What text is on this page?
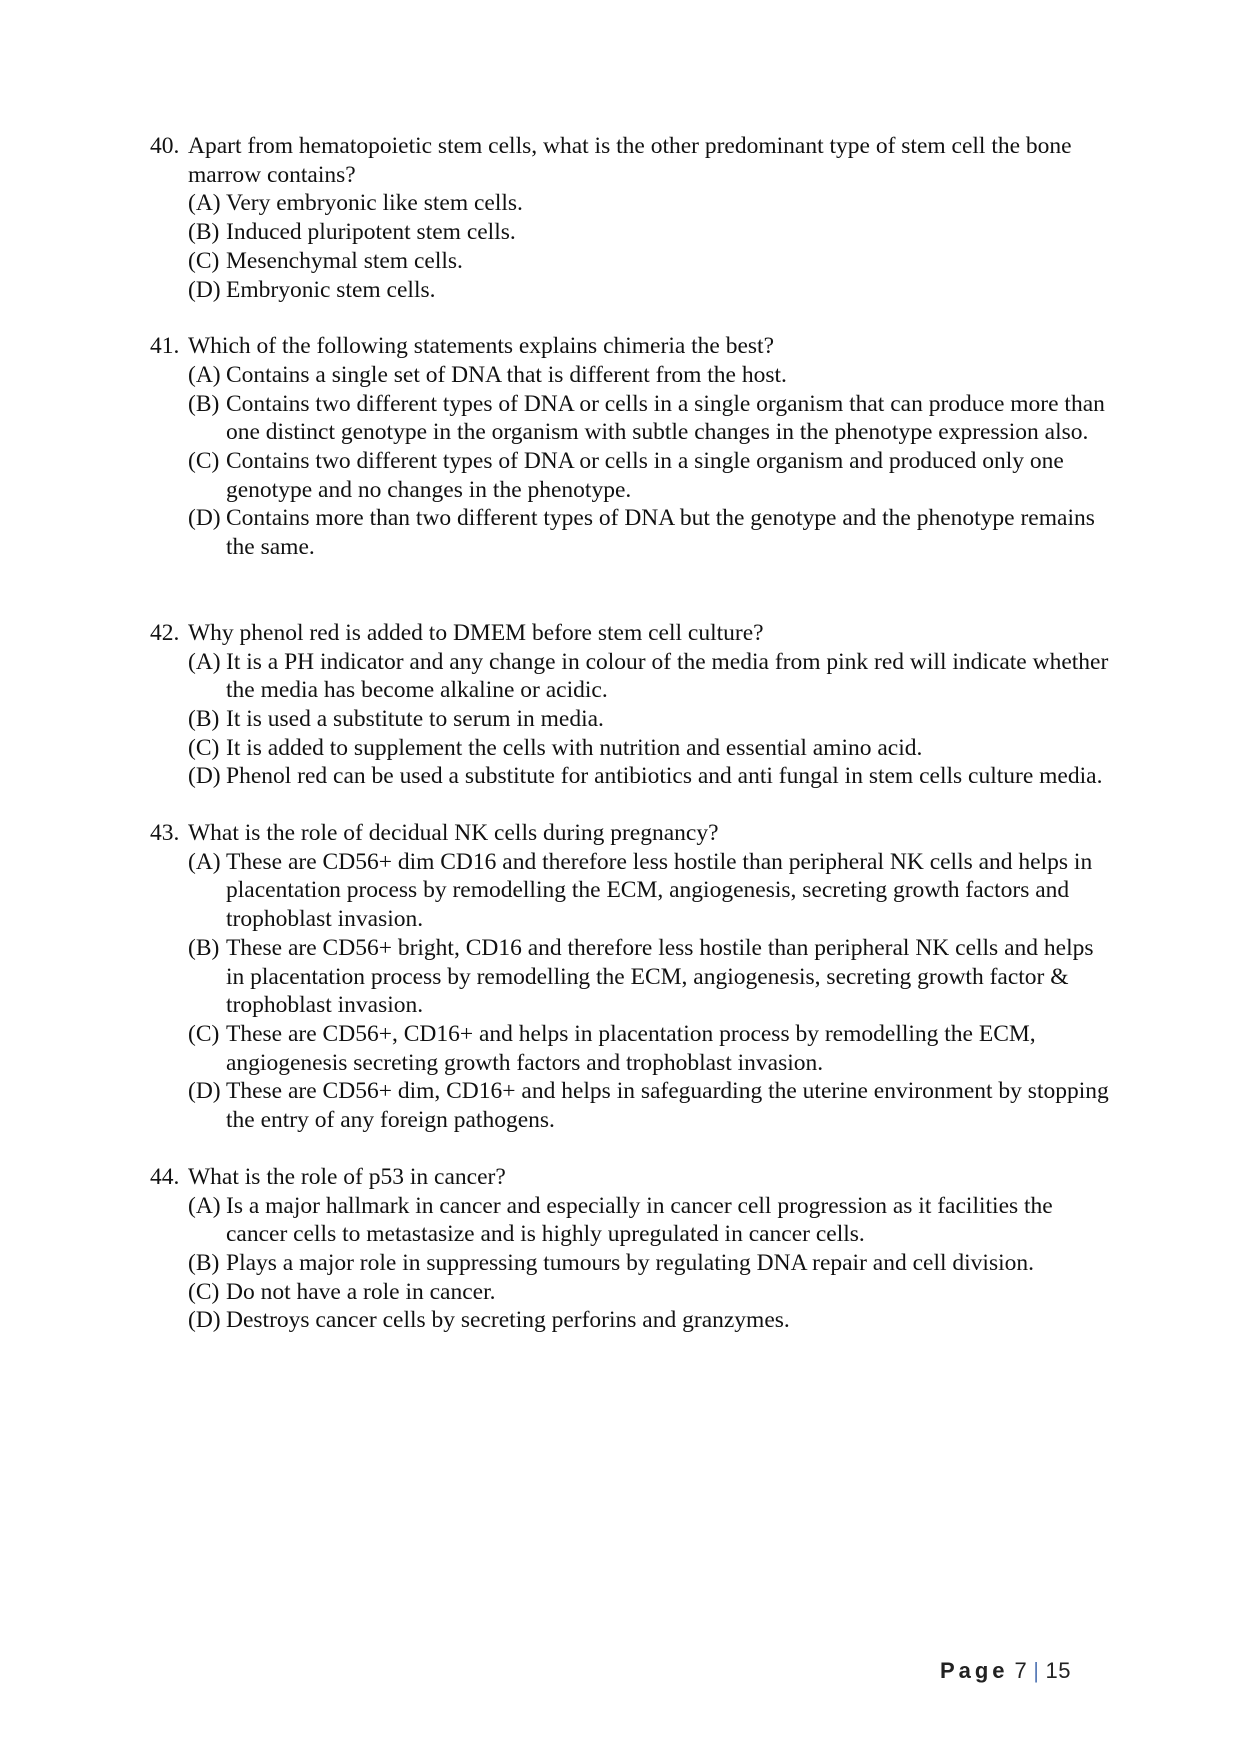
40. Apart from hematopoietic stem cells, what is the other predominant type of stem cell the bone marrow contains?
(A) Very embryonic like stem cells.
(B) Induced pluripotent stem cells.
(C) Mesenchymal stem cells.
(D) Embryonic stem cells.
41. Which of the following statements explains chimeria the best?
(A) Contains a single set of DNA that is different from the host.
(B) Contains two different types of DNA or cells in a single organism that can produce more than one distinct genotype in the organism with subtle changes in the phenotype expression also.
(C) Contains two different types of DNA or cells in a single organism and produced only one genotype and no changes in the phenotype.
(D) Contains more than two different types of DNA but the genotype and the phenotype remains the same.
42. Why phenol red is added to DMEM before stem cell culture?
(A) It is a PH indicator and any change in colour of the media from pink red will indicate whether the media has become alkaline or acidic.
(B) It is used a substitute to serum in media.
(C) It is added to supplement the cells with nutrition and essential amino acid.
(D) Phenol red can be used a substitute for antibiotics and anti fungal in stem cells culture media.
43. What is the role of decidual NK cells during pregnancy?
(A) These are CD56+ dim CD16 and therefore less hostile than peripheral NK cells and helps in placentation process by remodelling the ECM, angiogenesis, secreting growth factors and trophoblast invasion.
(B) These are CD56+ bright, CD16 and therefore less hostile than peripheral NK cells and helps in placentation process by remodelling the ECM, angiogenesis, secreting growth factor & trophoblast invasion.
(C) These are CD56+, CD16+ and helps in placentation process by remodelling the ECM, angiogenesis secreting growth factors and trophoblast invasion.
(D) These are CD56+ dim, CD16+ and helps in safeguarding the uterine environment by stopping the entry of any foreign pathogens.
44. What is the role of p53 in cancer?
(A) Is a major hallmark in cancer and especially in cancer cell progression as it facilities the cancer cells to metastasize and is highly upregulated in cancer cells.
(B) Plays a major role in suppressing tumours by regulating DNA repair and cell division.
(C) Do not have a role in cancer.
(D) Destroys cancer cells by secreting perforins and granzymes.
Page 7 | 15
